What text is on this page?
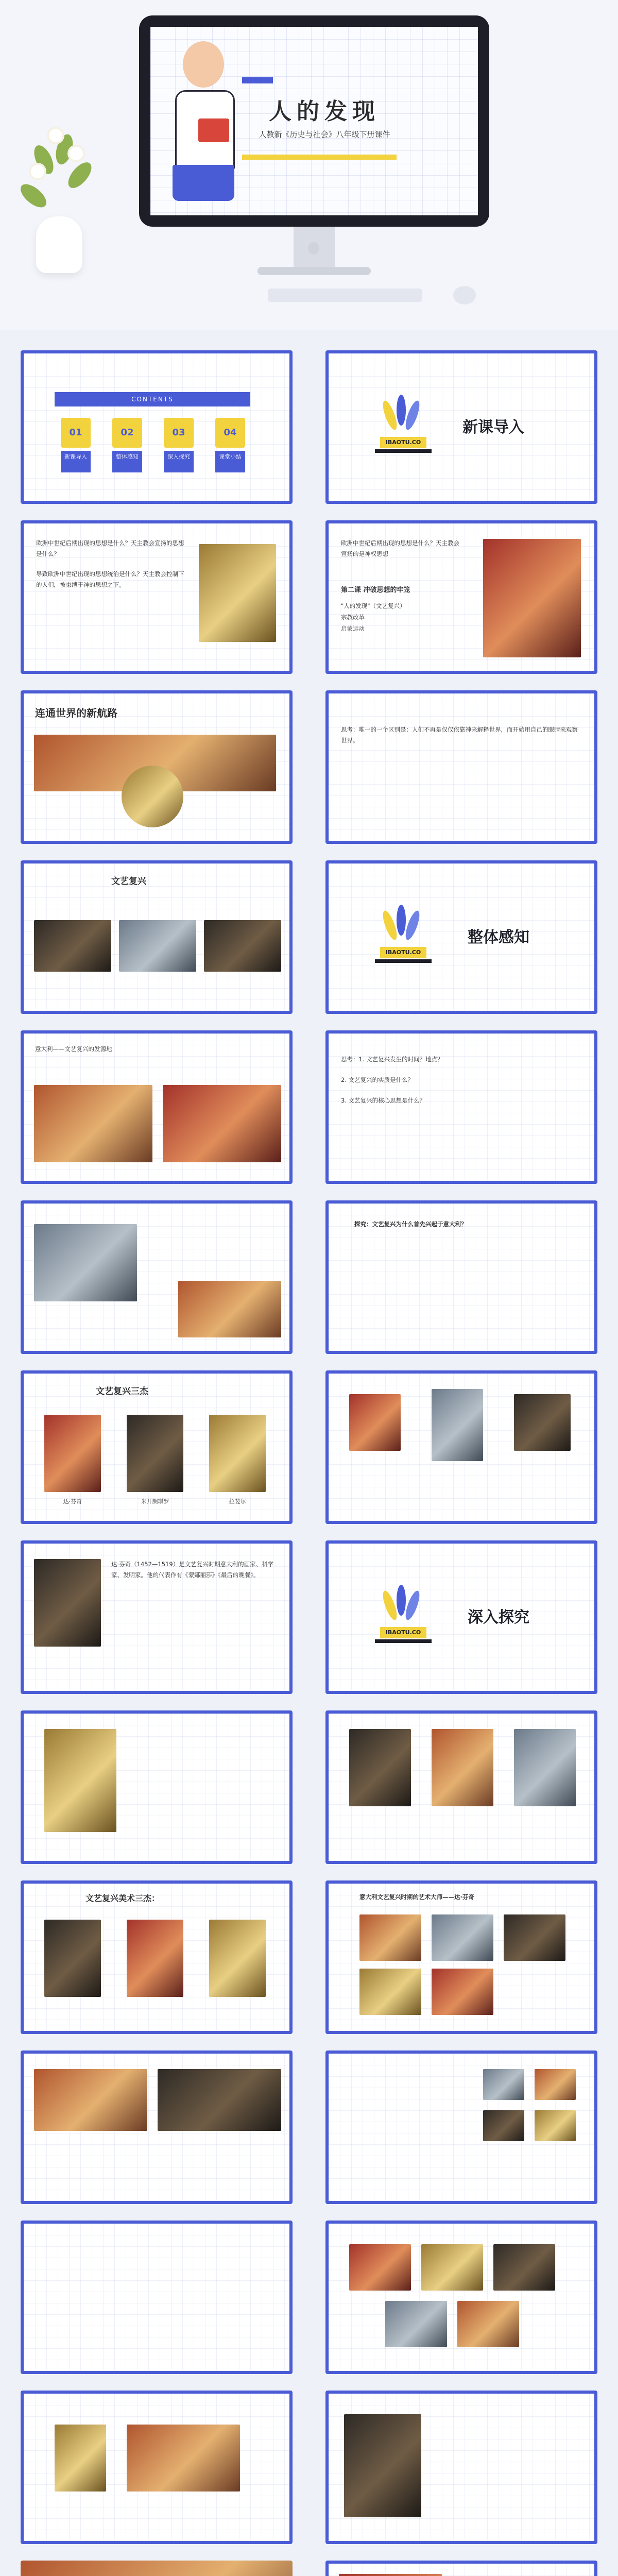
人的发现
人教新《历史与社会》八年级下册课件
CONTENTS
01
新课导入
02
整体感知
03
深入探究
04
课堂小结
IBAOTU.CO
新课导入
欧洲中世纪后期出现的思想是什么？天主教会宣扬的思想是什么？
导致欧洲中世纪出现的思想统治是什么？天主教会控制下的人们，被束缚于神的思想之下。
欧洲中世纪后期出现的思想是什么？天主教会宣扬的是神权思想
第二课 冲破思想的牢笼
"人的发现"（文艺复兴）
宗教改革
启蒙运动
连通世界的新航路
思考：唯一的一个区别是：人们不再是仅仅依靠神来解释世界，而开始用自己的眼睛来观察世界。
文艺复兴
IBAOTU.CO
整体感知
意大利——文艺复兴的发源地
思考：1. 文艺复兴发生的时间？地点？
2. 文艺复兴的实质是什么？
3. 文艺复兴的核心思想是什么？
探究：文艺复兴为什么首先兴起于意大利？
文艺复兴三杰
达·芬奇	米开朗琪罗	拉斐尔
达·芬奇（1452—1519）是文艺复兴时期意大利的画家、科学家、发明家。他的代表作有《蒙娜丽莎》《最后的晚餐》。
IBAOTU.CO
深入探究
文艺复兴美术三杰：	意大利文艺复兴时期的艺术大师——达·芬奇
